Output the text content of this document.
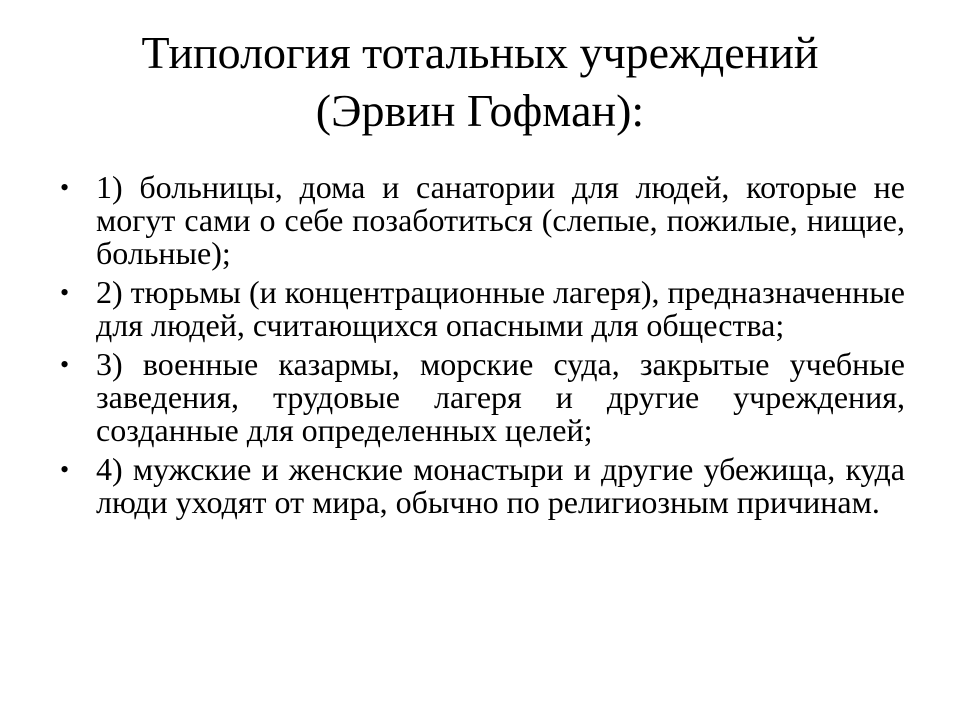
Типология тотальных учреждений
(Эрвин Гофман):
• 1) больницы, дома и санатории для людей, которые не могут сами о себе позаботиться (слепые, пожилые, нищие, больные);
• 2) тюрьмы (и концентрационные лагеря), предназначенные для людей, считающихся опасными для общества;
• 3) военные казармы, морские суда, закрытые учебные заведения, трудовые лагеря и другие учреждения, созданные для определенных целей;
• 4) мужские и женские монастыри и другие убежища, куда люди уходят от мира, обычно по религиозным причинам.
